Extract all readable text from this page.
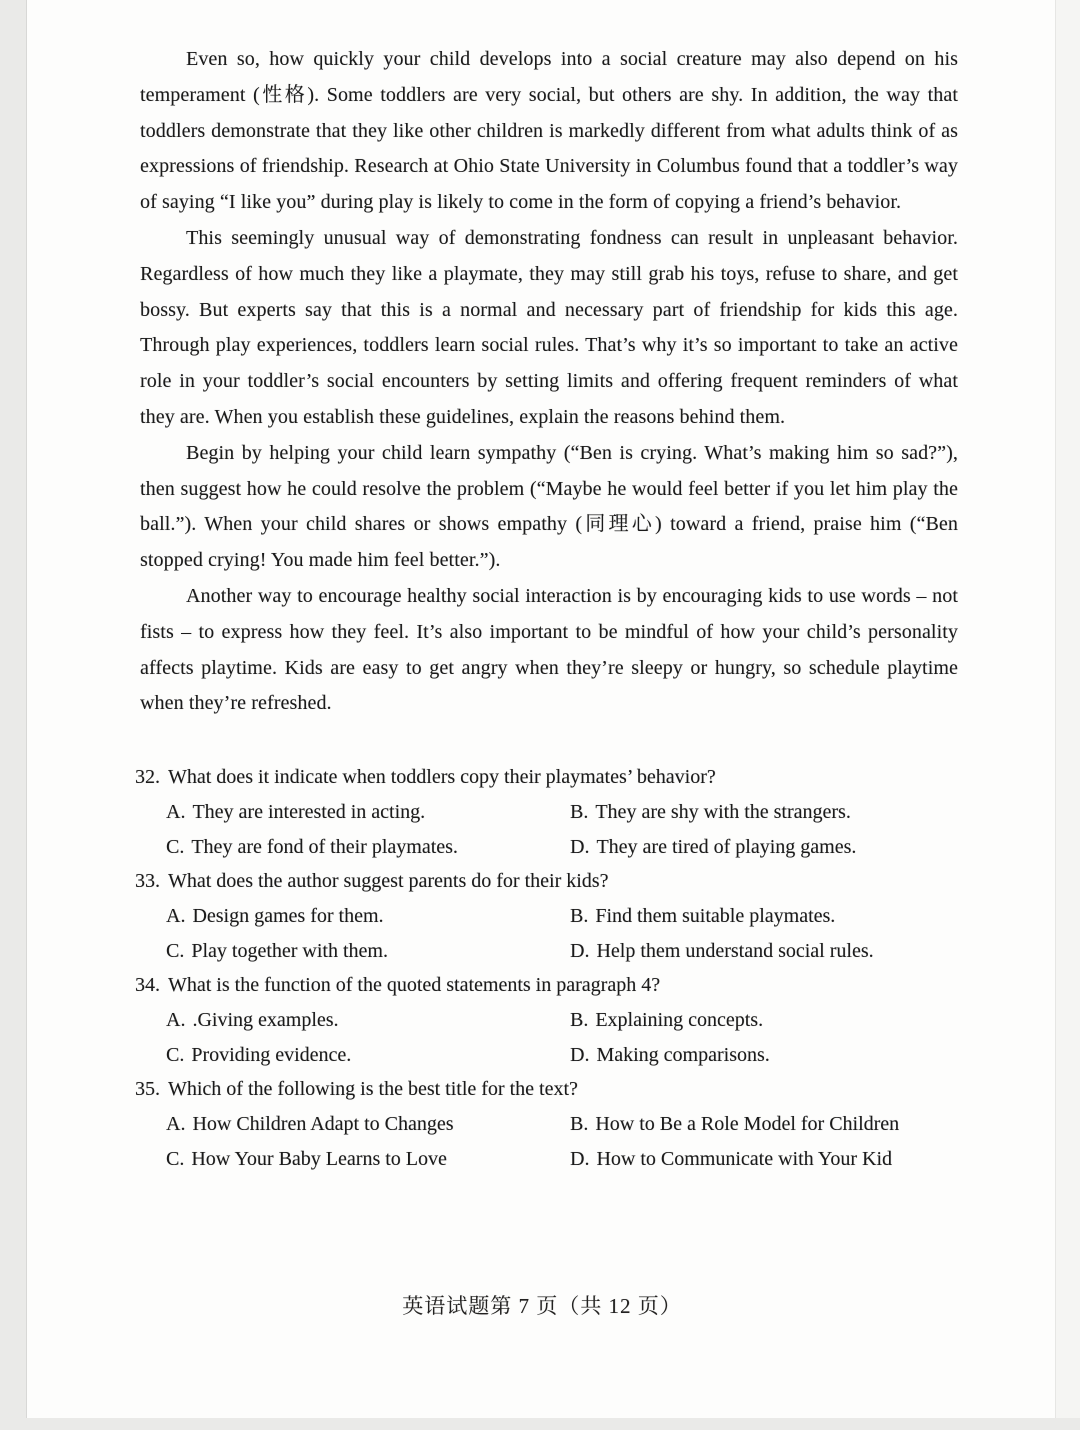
Even so, how quickly your child develops into a social creature may also depend on his temperament (性格). Some toddlers are very social, but others are shy. In addition, the way that toddlers demonstrate that they like other children is markedly different from what adults think of as expressions of friendship. Research at Ohio State University in Columbus found that a toddler’s way of saying “I like you” during play is likely to come in the form of copying a friend’s behavior.

This seemingly unusual way of demonstrating fondness can result in unpleasant behavior. Regardless of how much they like a playmate, they may still grab his toys, refuse to share, and get bossy. But experts say that this is a normal and necessary part of friendship for kids this age. Through play experiences, toddlers learn social rules. That’s why it’s so important to take an active role in your toddler’s social encounters by setting limits and offering frequent reminders of what they are. When you establish these guidelines, explain the reasons behind them.

Begin by helping your child learn sympathy (“Ben is crying. What’s making him so sad?”), then suggest how he could resolve the problem (“Maybe he would feel better if you let him play the ball.”). When your child shares or shows empathy (同理心) toward a friend, praise him (“Ben stopped crying! You made him feel better.”).

Another way to encourage healthy social interaction is by encouraging kids to use words – not fists – to express how they feel. It’s also important to be mindful of how your child’s personality affects playtime. Kids are easy to get angry when they’re sleepy or hungry, so schedule playtime when they’re refreshed.

32. What does it indicate when toddlers copy their playmates’ behavior?
A. They are interested in acting.	B. They are shy with the strangers.
C. They are fond of their playmates.	D. They are tired of playing games.
33. What does the author suggest parents do for their kids?
A. Design games for them.	B. Find them suitable playmates.
C. Play together with them.	D. Help them understand social rules.
34. What is the function of the quoted statements in paragraph 4?
A. .Giving examples.	B. Explaining concepts.
C. Providing evidence.	D. Making comparisons.
35. Which of the following is the best title for the text?
A. How Children Adapt to Changes	B. How to Be a Role Model for Children
C. How Your Baby Learns to Love	D. How to Communicate with Your Kid
英语试题第 7 页（共 12 页）
